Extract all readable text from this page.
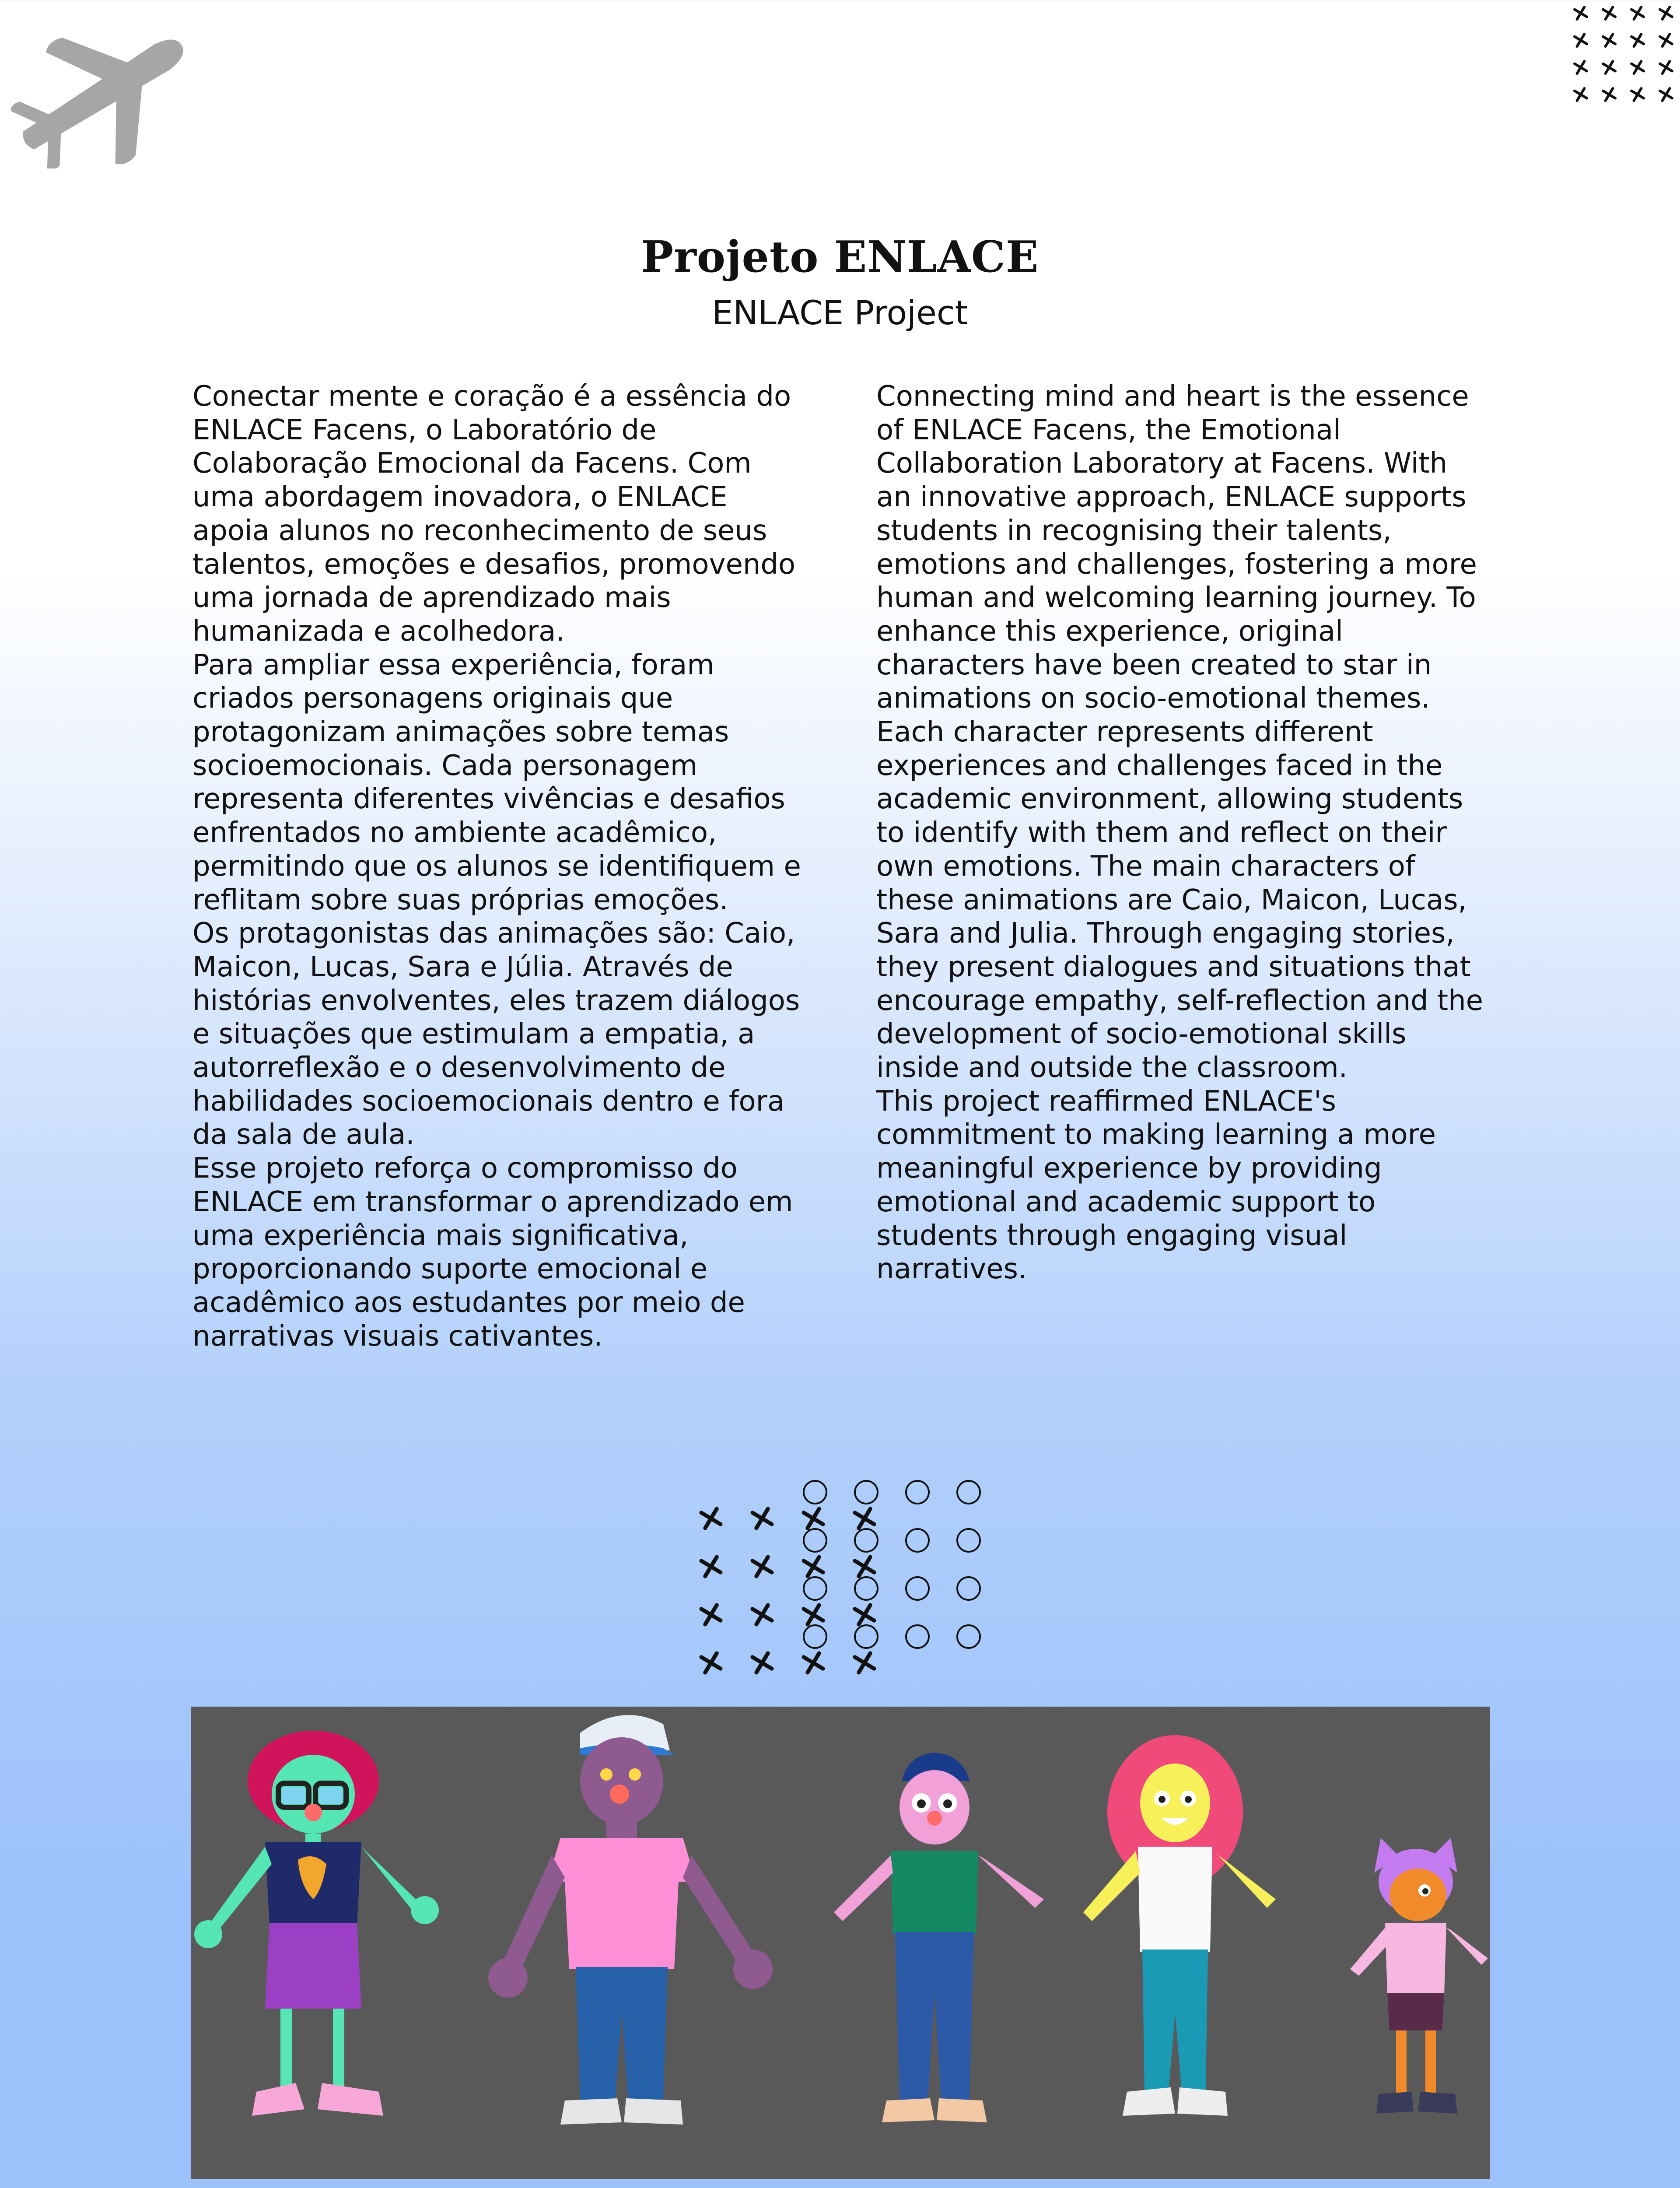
Projeto ENLACE
ENLACE Project

Conectar mente e coração é a essência do ENLACE Facens, o Laboratório de Colaboração Emocional da Facens. Com uma abordagem inovadora, o ENLACE apoia alunos no reconhecimento de seus talentos, emoções e desafios, promovendo uma jornada de aprendizado mais humanizada e acolhedora.

Para ampliar essa experiência, foram criados personagens originais que protagonizam animações sobre temas socioemocionais. Cada personagem representa diferentes vivências e desafios enfrentados no ambiente acadêmico, permitindo que os alunos se identifiquem e reflitam sobre suas próprias emoções.

Os protagonistas das animações são: Caio, Maicon, Lucas, Sara e Júlia. Através de histórias envolventes, eles trazem diálogos e situações que estimulam a empatia, a autorreflexão e o desenvolvimento de habilidades socioemocionais dentro e fora da sala de aula.

Esse projeto reforça o compromisso do ENLACE em transformar o aprendizado em uma experiência mais significativa, proporcionando suporte emocional e acadêmico aos estudantes por meio de narrativas visuais cativantes.

Connecting mind and heart is the essence of ENLACE Facens, the Emotional Collaboration Laboratory at Facens. With an innovative approach, ENLACE supports students in recognising their talents, emotions and challenges, fostering a more human and welcoming learning journey. To enhance this experience, original characters have been created to star in animations on socio-emotional themes. Each character represents different experiences and challenges faced in the academic environment, allowing students to identify with them and reflect on their own emotions. The main characters of these animations are Caio, Maicon, Lucas, Sara and Julia. Through engaging stories, they present dialogues and situations that encourage empathy, self-reflection and the development of socio-emotional skills inside and outside the classroom.

This project reaffirmed ENLACE's commitment to making learning a more meaningful experience by providing emotional and academic support to students through engaging visual narratives.
